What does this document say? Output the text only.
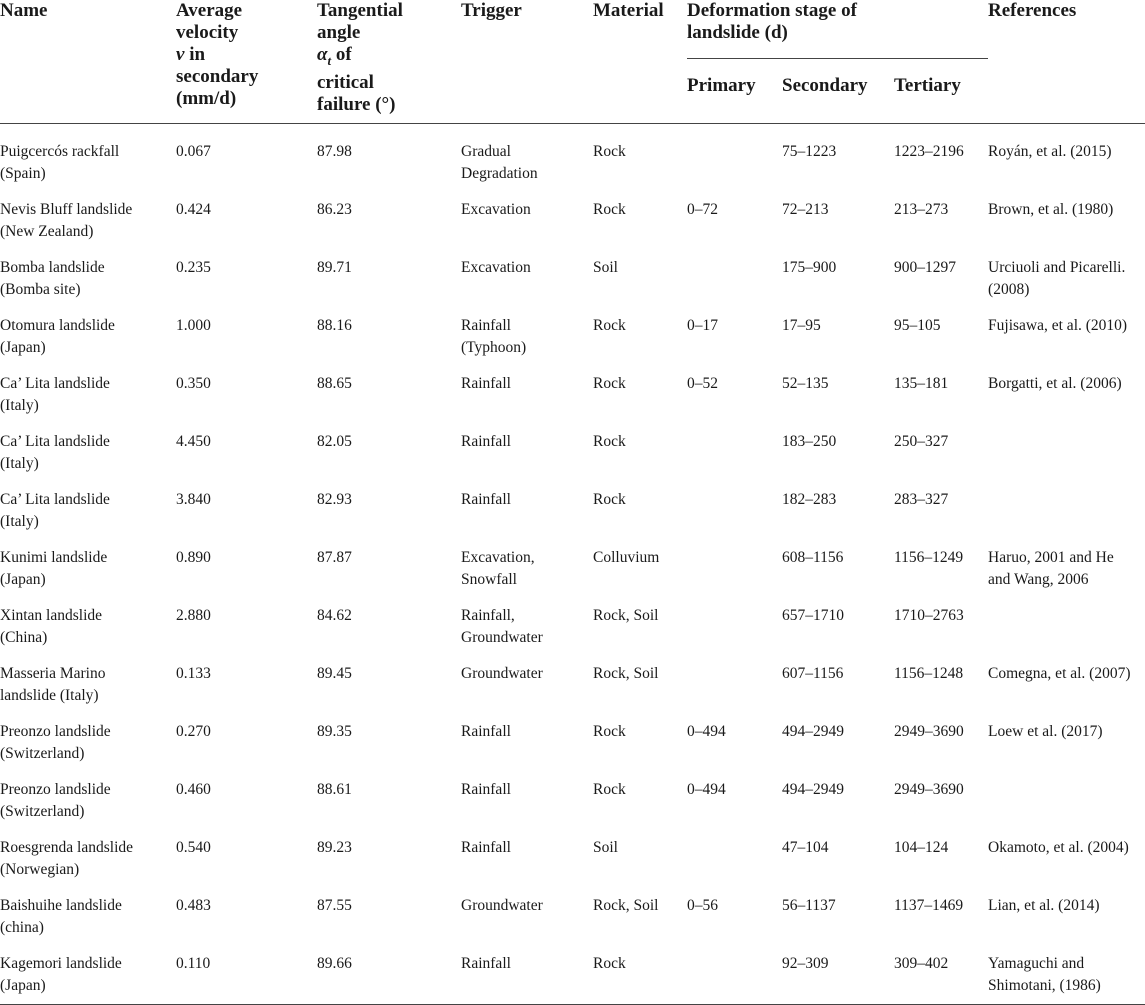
Name	Average
velocity
ν in
secondary
(mm/d)	Tangential
angle
$\alpha_t$ of
critical
failure (°)	Trigger	Material	Deformation stage of
landslide (d)			References
					Primary	Secondary	Tertiary	
Puigcercós rackfall
(Spain)	0.067	87.98	Gradual
Degradation	Rock		75–1223	1223–2196	Royán, et al. (2015)

Nevis Bluff landslide
(New Zealand)	0.424	86.23	Excavation	Rock	0–72	72–213	213–273	Brown, et al. (1980)

Bomba landslide
(Bomba site)	0.235	89.71	Excavation	Soil		175–900	900–1297	Urciuoli and Picarelli.
(2008)
Otomura landslide
(Japan)	1.000	88.16	Rainfall
(Typhoon)	Rock	0–17	17–95	95–105	Fujisawa, et al. (2010)

Ca’ Lita landslide
(Italy)	0.350	88.65	Rainfall	Rock	0–52	52–135	135–181	Borgatti, et al. (2006)

Ca’ Lita landslide
(Italy)	4.450	82.05	Rainfall	Rock		183–250	250–327	

Ca’ Lita landslide
(Italy)	3.840	82.93	Rainfall	Rock		182–283	283–327	

Kunimi landslide
(Japan)	0.890	87.87	Excavation,
Snowfall	Colluvium		608–1156	1156–1249	Haruo, 2001 and He
and Wang, 2006
Xintan landslide
(China)	2.880	84.62	Rainfall,
Groundwater	Rock, Soil		657–1710	1710–2763	

Masseria Marino
landslide (Italy)	0.133	89.45	Groundwater	Rock, Soil		607–1156	1156–1248	Comegna, et al. (2007)

Preonzo landslide
(Switzerland)	0.270	89.35	Rainfall	Rock	0–494	494–2949	2949–3690	Loew et al. (2017)

Preonzo landslide
(Switzerland)	0.460	88.61	Rainfall	Rock	0–494	494–2949	2949–3690	

Roesgrenda landslide
(Norwegian)	0.540	89.23	Rainfall	Soil		47–104	104–124	Okamoto, et al. (2004)

Baishuihe landslide
(china)	0.483	87.55	Groundwater	Rock, Soil	0–56	56–1137	1137–1469	Lian, et al. (2014)

Kagemori landslide
(Japan)	0.110	89.66	Rainfall	Rock		92–309	309–402	Yamaguchi and
Shimotani, (1986)
